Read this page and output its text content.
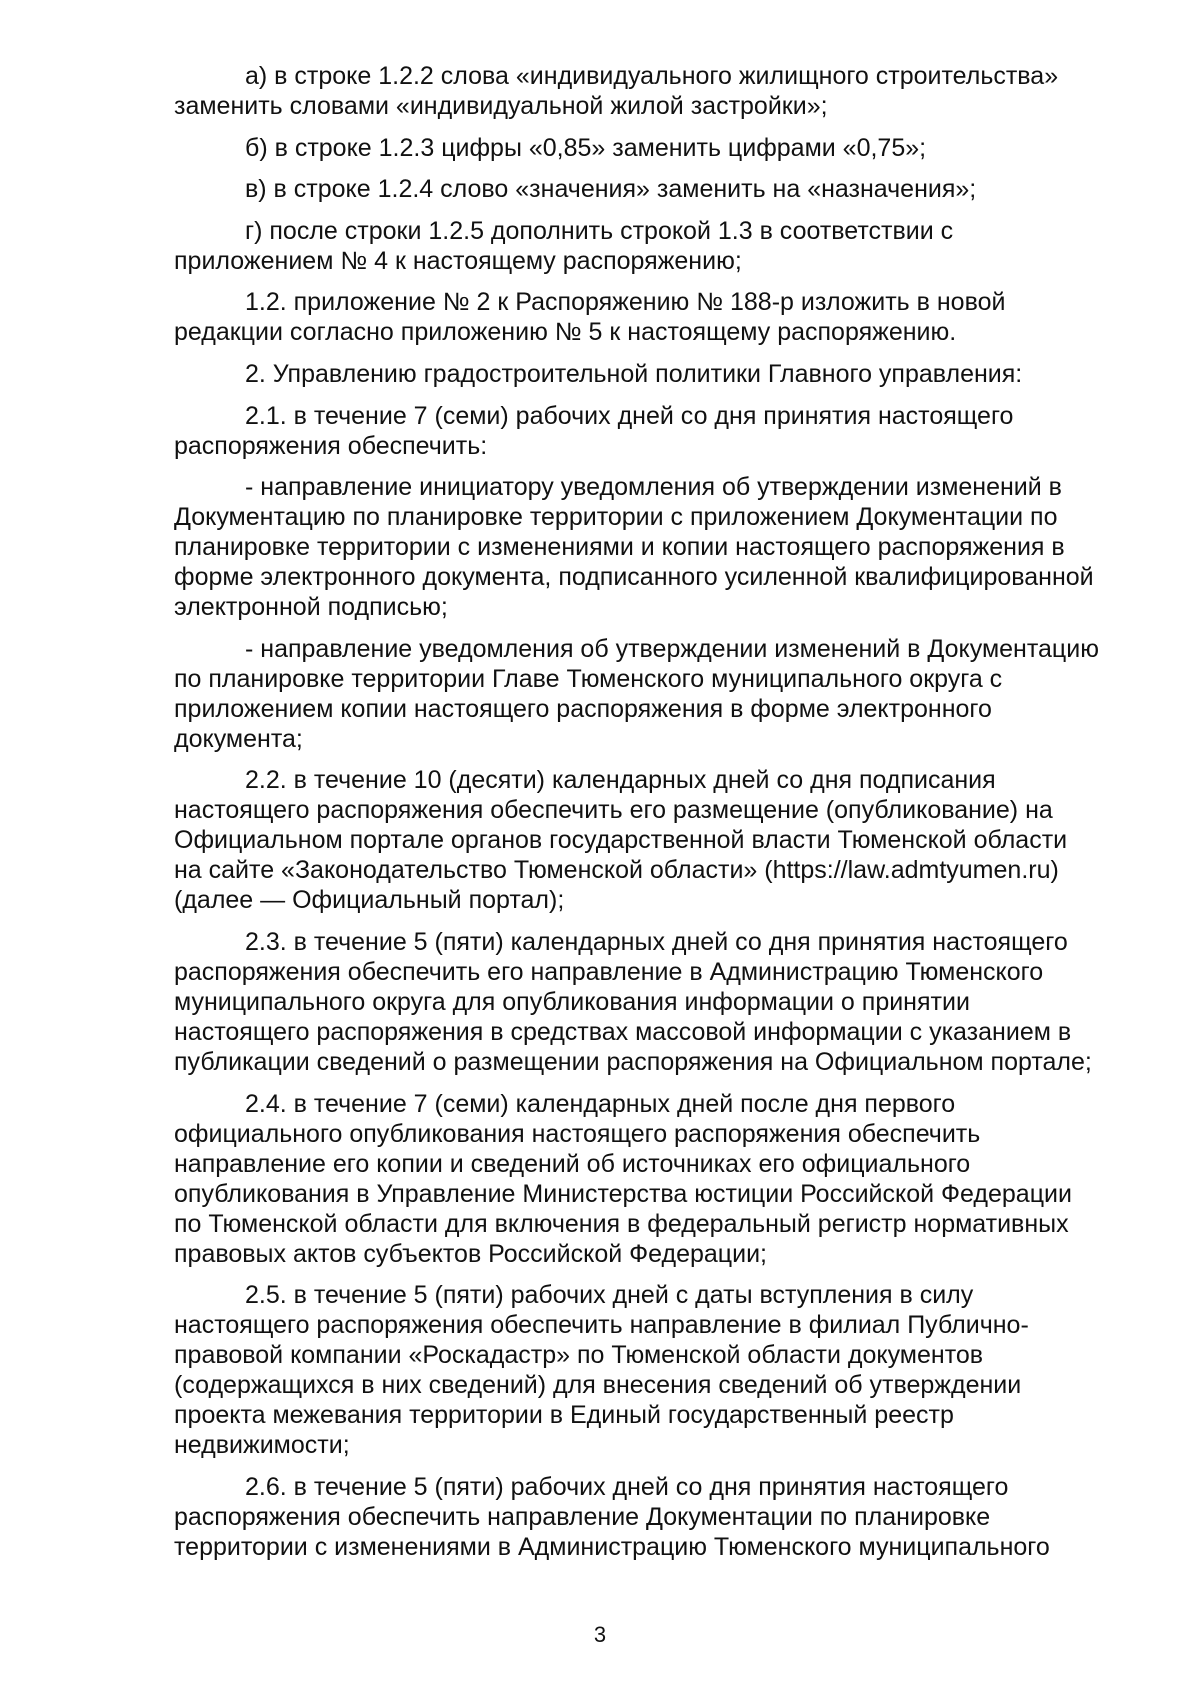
а) в строке 1.2.2 слова «индивидуального жилищного строительства»
заменить словами «индивидуальной жилой застройки»;

б) в строке 1.2.3 цифры «0,85» заменить цифрами «0,75»;

в) в строке 1.2.4 слово «значения» заменить на «назначения»;

г) после строки 1.2.5 дополнить строкой 1.3 в соответствии с
приложением № 4 к настоящему распоряжению;

1.2. приложение № 2 к Распоряжению № 188-р изложить в новой
редакции согласно приложению № 5 к настоящему распоряжению.

2. Управлению градостроительной политики Главного управления:

2.1. в течение 7 (семи) рабочих дней со дня принятия настоящего
распоряжения обеспечить:

- направление инициатору уведомления об утверждении изменений в
Документацию по планировке территории с приложением Документации по
планировке территории с изменениями и копии настоящего распоряжения в
форме электронного документа, подписанного усиленной квалифицированной
электронной подписью;

- направление уведомления об утверждении изменений в Документацию
по планировке территории Главе Тюменского муниципального округа с
приложением копии настоящего распоряжения в форме электронного
документа;

2.2. в течение 10 (десяти) календарных дней со дня подписания
настоящего распоряжения обеспечить его размещение (опубликование) на
Официальном портале органов государственной власти Тюменской области
на сайте «Законодательство Тюменской области» (https://law.admtyumen.ru)
(далее — Официальный портал);

2.3. в течение 5 (пяти) календарных дней со дня принятия настоящего
распоряжения обеспечить его направление в Администрацию Тюменского
муниципального округа для опубликования информации о принятии
настоящего распоряжения в средствах массовой информации с указанием в
публикации сведений о размещении распоряжения на Официальном портале;

2.4. в течение 7 (семи) календарных дней после дня первого
официального опубликования настоящего распоряжения обеспечить
направление его копии и сведений об источниках его официального
опубликования в Управление Министерства юстиции Российской Федерации
по Тюменской области для включения в федеральный регистр нормативных
правовых актов субъектов Российской Федерации;

2.5. в течение 5 (пяти) рабочих дней с даты вступления в силу
настоящего распоряжения обеспечить направление в филиал Публично-
правовой компании «Роскадастр» по Тюменской области документов
(содержащихся в них сведений) для внесения сведений об утверждении
проекта межевания территории в Единый государственный реестр
недвижимости;

2.6. в течение 5 (пяти) рабочих дней со дня принятия настоящего
распоряжения обеспечить направление Документации по планировке
территории с изменениями в Администрацию Тюменского муниципального

3
